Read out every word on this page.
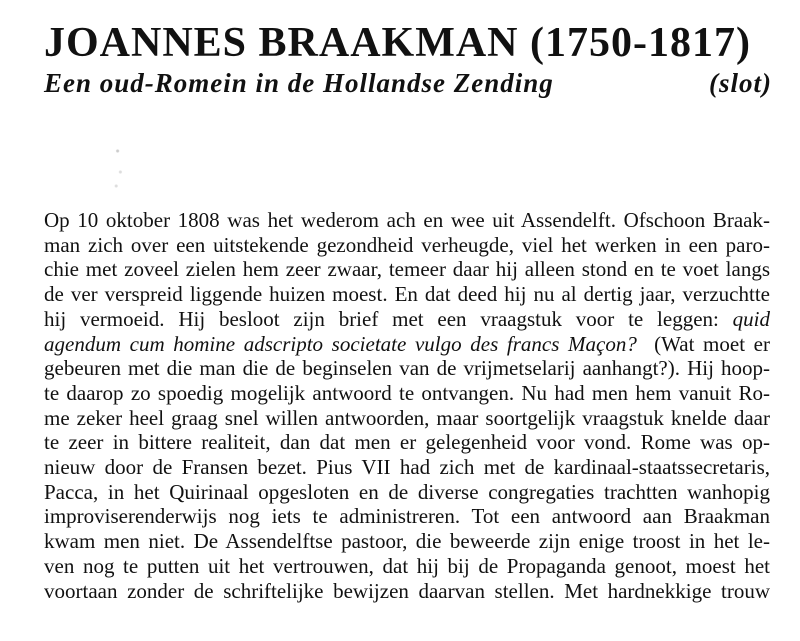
JOANNES BRAAKMAN (1750-1817)
Een oud-Romein in de Hollandse Zending	(slot)
Op 10 oktober 1808 was het wederom ach en wee uit Assendelft. Ofschoon Braak-
man zich over een uitstekende gezondheid verheugde, viel het werken in een paro-
chie met zoveel zielen hem zeer zwaar, temeer daar hij alleen stond en te voet langs
de ver verspreid liggende huizen moest. En dat deed hij nu al dertig jaar, verzuchtte
hij vermoeid. Hij besloot zijn brief met een vraagstuk voor te leggen: quid
agendum cum homine adscripto societate vulgo des francs Maçon? (Wat moet er
gebeuren met die man die de beginselen van de vrijmetselarij aanhangt?). Hij hoop-
te daarop zo spoedig mogelijk antwoord te ontvangen. Nu had men hem vanuit Ro-
me zeker heel graag snel willen antwoorden, maar soortgelijk vraagstuk knelde daar
te zeer in bittere realiteit, dan dat men er gelegenheid voor vond. Rome was op-
nieuw door de Fransen bezet. Pius VII had zich met de kardinaal-staatssecretaris,
Pacca, in het Quirinaal opgesloten en de diverse congregaties trachtten wanhopig
improviserenderwijs nog iets te administreren. Tot een antwoord aan Braakman
kwam men niet. De Assendelftse pastoor, die beweerde zijn enige troost in het le-
ven nog te putten uit het vertrouwen, dat hij bij de Propaganda genoot, moest het
voortaan zonder de schriftelijke bewijzen daarvan stellen. Met hardnekkige trouw
